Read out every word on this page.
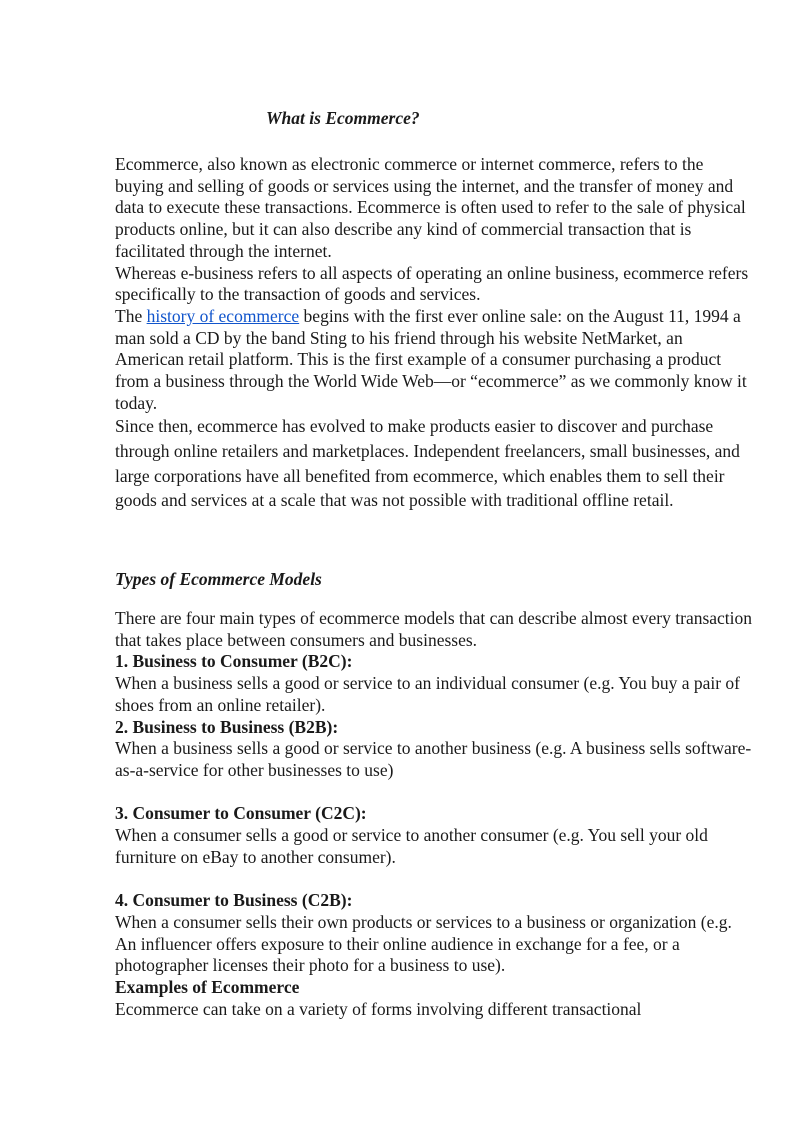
What is Ecommerce?

Ecommerce, also known as electronic commerce or internet commerce, refers to the buying and selling of goods or services using the internet, and the transfer of money and data to execute these transactions. Ecommerce is often used to refer to the sale of physical products online, but it can also describe any kind of commercial transaction that is facilitated through the internet.

Whereas e-business refers to all aspects of operating an online business, ecommerce refers specifically to the transaction of goods and services.

The history of ecommerce begins with the first ever online sale: on the August 11, 1994 a man sold a CD by the band Sting to his friend through his website NetMarket, an American retail platform. This is the first example of a consumer purchasing a product from a business through the World Wide Web—or “ecommerce” as we commonly know it today.

Since then, ecommerce has evolved to make products easier to discover and purchase through online retailers and marketplaces. Independent freelancers, small businesses, and large corporations have all benefited from ecommerce, which enables them to sell their goods and services at a scale that was not possible with traditional offline retail.

Types of Ecommerce Models

There are four main types of ecommerce models that can describe almost every transaction that takes place between consumers and businesses.

1. Business to Consumer (B2C):

When a business sells a good or service to an individual consumer (e.g. You buy a pair of shoes from an online retailer).

2. Business to Business (B2B):

When a business sells a good or service to another business (e.g. A business sells software-as-a-service for other businesses to use)

3. Consumer to Consumer (C2C):

When a consumer sells a good or service to another consumer (e.g. You sell your old furniture on eBay to another consumer).

4. Consumer to Business (C2B):

When a consumer sells their own products or services to a business or organization (e.g. An influencer offers exposure to their online audience in exchange for a fee, or a photographer licenses their photo for a business to use).

Examples of Ecommerce

Ecommerce can take on a variety of forms involving different transactional
